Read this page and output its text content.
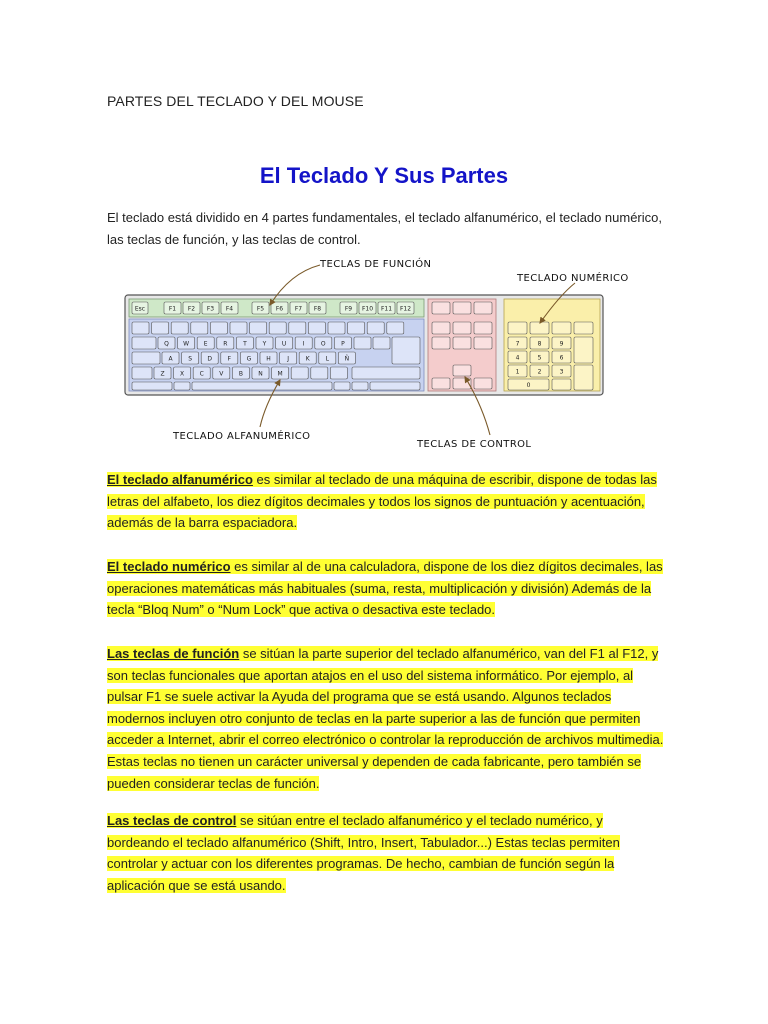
PARTES DEL TECLADO Y DEL MOUSE
El Teclado Y Sus Partes

El teclado está dividido en 4 partes fundamentales, el teclado alfanumérico, el teclado numérico, las teclas de función, y las teclas de control.

Esc	F1 F2 F3 F4	F5 F6 F7 F8	F9 F10 F11 F12
Q W E	R	T	Y	U	I	O	P
A	S	D	F	G	H	J	K	L	Ñ
Z	X	C	V	B	N M
7	8	9
4	5	6
1	2	3
0
TECLAS DE FUNCIÓN
TECLADO NUMÉRICO
TECLADO ALFANUMÉRICO
TECLAS DE CONTROL

El teclado alfanumérico es similar al teclado de una máquina de escribir, dispone de todas las letras del alfabeto, los diez dígitos decimales y todos los signos de puntuación y acentuación, además de la barra espaciadora.

El teclado numérico es similar al de una calculadora, dispone de los diez dígitos decimales, las operaciones matemáticas más habituales (suma, resta, multiplicación y división) Además de la tecla “Bloq Num” o “Num Lock” que activa o desactiva este teclado.

Las teclas de función se sitúan la parte superior del teclado alfanumérico, van del F1 al F12, y son teclas funcionales que aportan atajos en el uso del sistema informático. Por ejemplo, al pulsar F1 se suele activar la Ayuda del programa que se está usando. Algunos teclados modernos incluyen otro conjunto de teclas en la parte superior a las de función que permiten acceder a Internet, abrir el correo electrónico o controlar la reproducción de archivos multimedia. Estas teclas no tienen un carácter universal y dependen de cada fabricante, pero también se pueden considerar teclas de función.

Las teclas de control se sitúan entre el teclado alfanumérico y el teclado numérico, y bordeando el teclado alfanumérico (Shift, Intro, Insert, Tabulador...) Estas teclas permiten controlar y actuar con los diferentes programas. De hecho, cambian de función según la aplicación que se está usando.
